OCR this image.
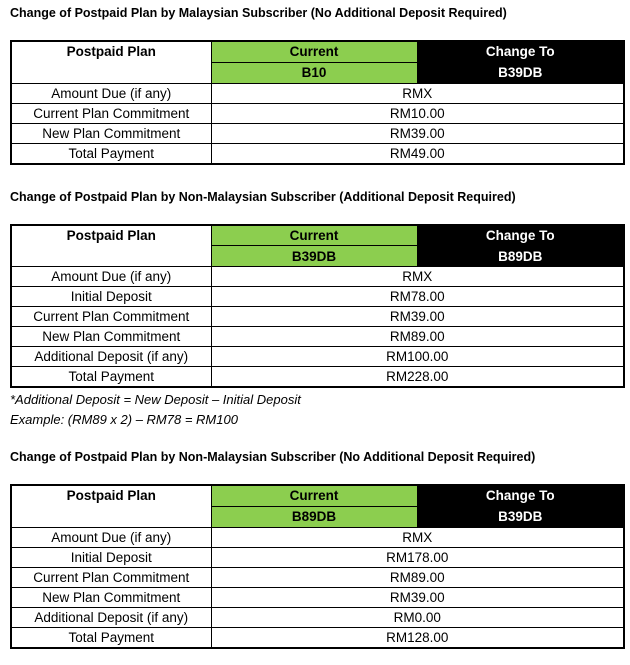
Change of Postpaid Plan by Malaysian Subscriber (No Additional Deposit Required)
Postpaid Plan	Current	Change To
	B10	B39DB
Amount Due (if any)	RMX	
Current Plan Commitment	RM10.00	
New Plan Commitment	RM39.00	
Total Payment	RM49.00	
Change of Postpaid Plan by Non-Malaysian Subscriber (Additional Deposit Required)
Postpaid Plan	Current	Change To
	B39DB	B89DB
Amount Due (if any)	RMX	
Initial Deposit	RM78.00	
Current Plan Commitment	RM39.00	
New Plan Commitment	RM89.00	
Additional Deposit (if any)	RM100.00	
Total Payment	RM228.00	

*Additional Deposit = New Deposit – Initial Deposit

Example: (RM89 x 2) – RM78 = RM100

Change of Postpaid Plan by Non-Malaysian Subscriber (No Additional Deposit Required)
Postpaid Plan	Current	Change To
	B89DB	B39DB
Amount Due (if any)	RMX	
Initial Deposit	RM178.00	
Current Plan Commitment	RM89.00	
New Plan Commitment	RM39.00	
Additional Deposit (if any)	RM0.00	
Total Payment	RM128.00	
